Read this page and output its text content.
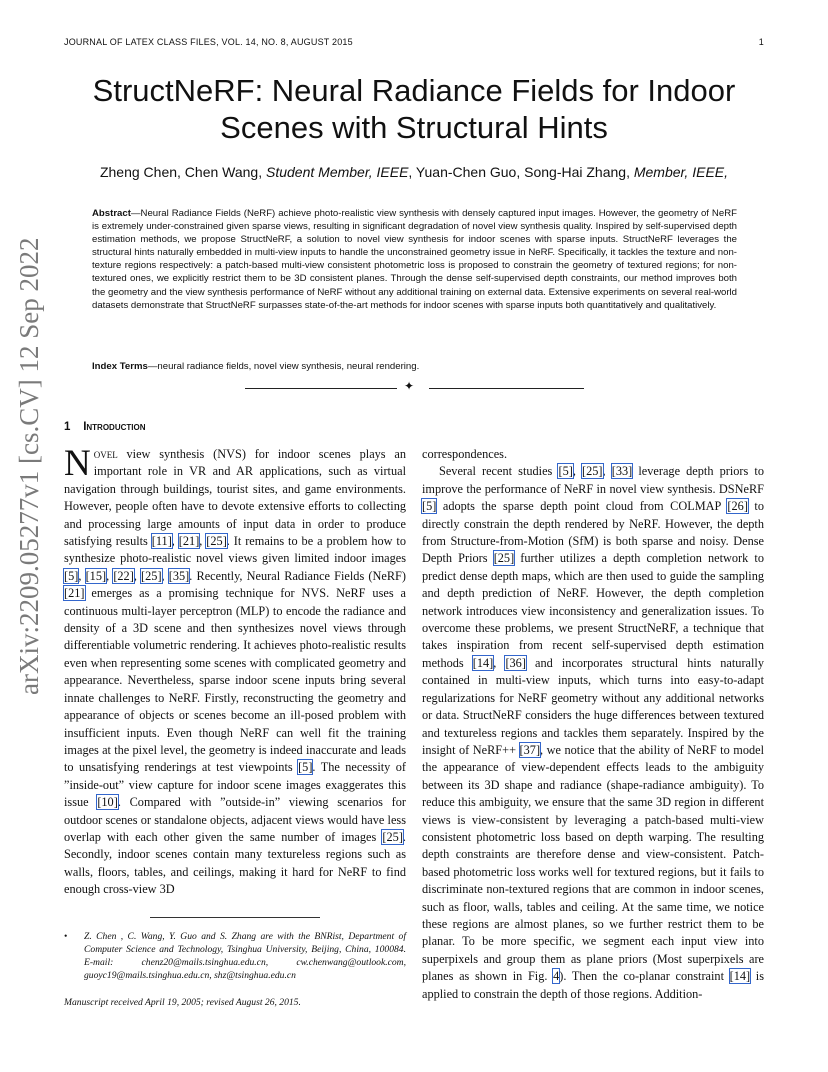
JOURNAL OF LATEX CLASS FILES, VOL. 14, NO. 8, AUGUST 2015	1
arXiv:2209.05277v1 [cs.CV] 12 Sep 2022
StructNeRF: Neural Radiance Fields for Indoor Scenes with Structural Hints
Zheng Chen, Chen Wang, Student Member, IEEE, Yuan-Chen Guo, Song-Hai Zhang, Member, IEEE,
Abstract—Neural Radiance Fields (NeRF) achieve photo-realistic view synthesis with densely captured input images. However, the geometry of NeRF is extremely under-constrained given sparse views, resulting in significant degradation of novel view synthesis quality. Inspired by self-supervised depth estimation methods, we propose StructNeRF, a solution to novel view synthesis for indoor scenes with sparse inputs. StructNeRF leverages the structural hints naturally embedded in multi-view inputs to handle the unconstrained geometry issue in NeRF. Specifically, it tackles the texture and non-texture regions respectively: a patch-based multi-view consistent photometric loss is proposed to constrain the geometry of textured regions; for non-textured ones, we explicitly restrict them to be 3D consistent planes. Through the dense self-supervised depth constraints, our method improves both the geometry and the view synthesis performance of NeRF without any additional training on external data. Extensive experiments on several real-world datasets demonstrate that StructNeRF surpasses state-of-the-art methods for indoor scenes with sparse inputs both quantitatively and qualitatively.
Index Terms—neural radiance fields, novel view synthesis, neural rendering.
✦
1 Introduction

Novel view synthesis (NVS) for indoor scenes plays an important role in VR and AR applications, such as virtual navigation through buildings, tourist sites, and game environments. However, people often have to devote extensive efforts to collecting and processing large amounts of input data in order to produce satisfying results [11], [21], [25]. It remains to be a problem how to synthesize photo-realistic novel views given limited indoor images [5], [15], [22], [25], [35]. Recently, Neural Radiance Fields (NeRF) [21] emerges as a promising technique for NVS. NeRF uses a continuous multi-layer perceptron (MLP) to encode the radiance and density of a 3D scene and then synthesizes novel views through differentiable volumetric rendering. It achieves photo-realistic results even when representing some scenes with complicated geometry and appearance. Nevertheless, sparse indoor scene inputs bring several innate challenges to NeRF. Firstly, reconstructing the geometry and appearance of objects or scenes become an ill-posed problem with insufficient inputs. Even though NeRF can well fit the training images at the pixel level, the geometry is indeed inaccurate and leads to unsatisfying renderings at test viewpoints [5]. The necessity of ”inside-out” view capture for indoor scene images exaggerates this issue [10]. Compared with ”outside-in” viewing scenarios for outdoor scenes or standalone objects, adjacent views would have less overlap with each other given the same number of images [25]. Secondly, indoor scenes contain many textureless regions such as walls, floors, tables, and ceilings, making it hard for NeRF to find enough cross-view 3D

correspondences.

Several recent studies [5], [25], [33] leverage depth priors to improve the performance of NeRF in novel view synthesis. DSNeRF [5] adopts the sparse depth point cloud from COLMAP [26] to directly constrain the depth rendered by NeRF. However, the depth from Structure-from-Motion (SfM) is both sparse and noisy. Dense Depth Priors [25] further utilizes a depth completion network to predict dense depth maps, which are then used to guide the sampling and depth prediction of NeRF. However, the depth completion network introduces view inconsistency and generalization issues. To overcome these problems, we present StructNeRF, a technique that takes inspiration from recent self-supervised depth estimation methods [14], [36] and incorporates structural hints naturally contained in multi-view inputs, which turns into easy-to-adapt regularizations for NeRF geometry without any additional networks or data. StructNeRF considers the huge differences between textured and textureless regions and tackles them separately. Inspired by the insight of NeRF++ [37], we notice that the ability of NeRF to model the appearance of view-dependent effects leads to the ambiguity between its 3D shape and radiance (shape-radiance ambiguity). To reduce this ambiguity, we ensure that the same 3D region in different views is view-consistent by leveraging a patch-based multi-view consistent photometric loss based on depth warping. The resulting depth constraints are therefore dense and view-consistent. Patch-based photometric loss works well for textured regions, but it fails to discriminate non-textured regions that are common in indoor scenes, such as floor, walls, tables and ceiling. At the same time, we notice these regions are almost planes, so we further restrict them to be planar. To be more specific, we segment each input view into superpixels and group them as plane priors (Most superpixels are planes as shown in Fig. 4). Then the co-planar constraint [14] is applied to constrain the depth of those regions. Addition-

• Z. Chen , C. Wang, Y. Guo and S. Zhang are with the BNRist, Department of Computer Science and Technology, Tsinghua University, Beijing, China, 100084. E-mail: chenz20@mails.tsinghua.edu.cn, cw.chenwang@outlook.com, guoyc19@mails.tsinghua.edu.cn, shz@tsinghua.edu.cn
Manuscript received April 19, 2005; revised August 26, 2015.
